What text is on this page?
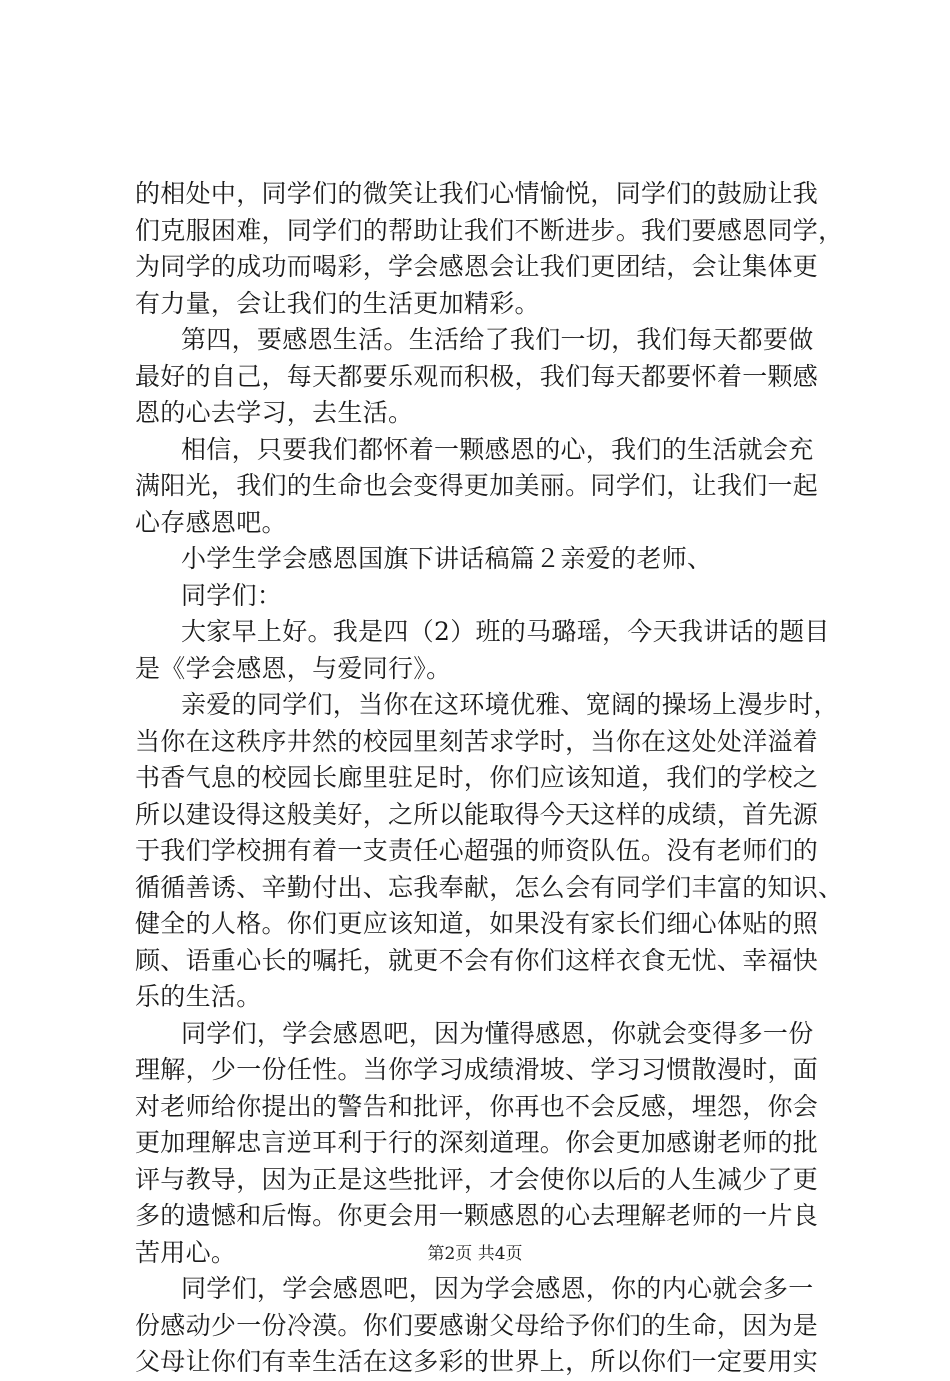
的相处中，同学们的微笑让我们心情愉悦，同学们的鼓励让我
们克服困难，同学们的帮助让我们不断进步。我们要感恩同学，
为同学的成功而喝彩，学会感恩会让我们更团结，会让集体更
有力量，会让我们的生活更加精彩。
第四，要感恩生活。生活给了我们一切，我们每天都要做
最好的自己，每天都要乐观而积极，我们每天都要怀着一颗感
恩的心去学习，去生活。
相信，只要我们都怀着一颗感恩的心，我们的生活就会充
满阳光，我们的生命也会变得更加美丽。同学们，让我们一起
心存感恩吧。
小学生学会感恩国旗下讲话稿篇２亲爱的老师、
同学们：
大家早上好。我是四（2）班的马璐瑶，今天我讲话的题目
是《学会感恩，与爱同行》。
亲爱的同学们，当你在这环境优雅、宽阔的操场上漫步时，
当你在这秩序井然的校园里刻苦求学时，当你在这处处洋溢着
书香气息的校园长廊里驻足时，你们应该知道，我们的学校之
所以建设得这般美好，之所以能取得今天这样的成绩，首先源
于我们学校拥有着一支责任心超强的师资队伍。没有老师们的
循循善诱、辛勤付出、忘我奉献，怎么会有同学们丰富的知识、
健全的人格。你们更应该知道，如果没有家长们细心体贴的照
顾、语重心长的嘱托，就更不会有你们这样衣食无忧、幸福快
乐的生活。
同学们，学会感恩吧，因为懂得感恩，你就会变得多一份
理解，少一份任性。当你学习成绩滑坡、学习习惯散漫时，面
对老师给你提出的警告和批评，你再也不会反感，埋怨，你会
更加理解忠言逆耳利于行的深刻道理。你会更加感谢老师的批
评与教导，因为正是这些批评，才会使你以后的人生减少了更
多的遗憾和后悔。你更会用一颗感恩的心去理解老师的一片良
苦用心。
同学们，学会感恩吧，因为学会感恩，你的内心就会多一
份感动少一份冷漠。你们要感谢父母给予你们的生命，因为是
父母让你们有幸生活在这多彩的世界上，所以你们一定要用实
第2页 共4页
